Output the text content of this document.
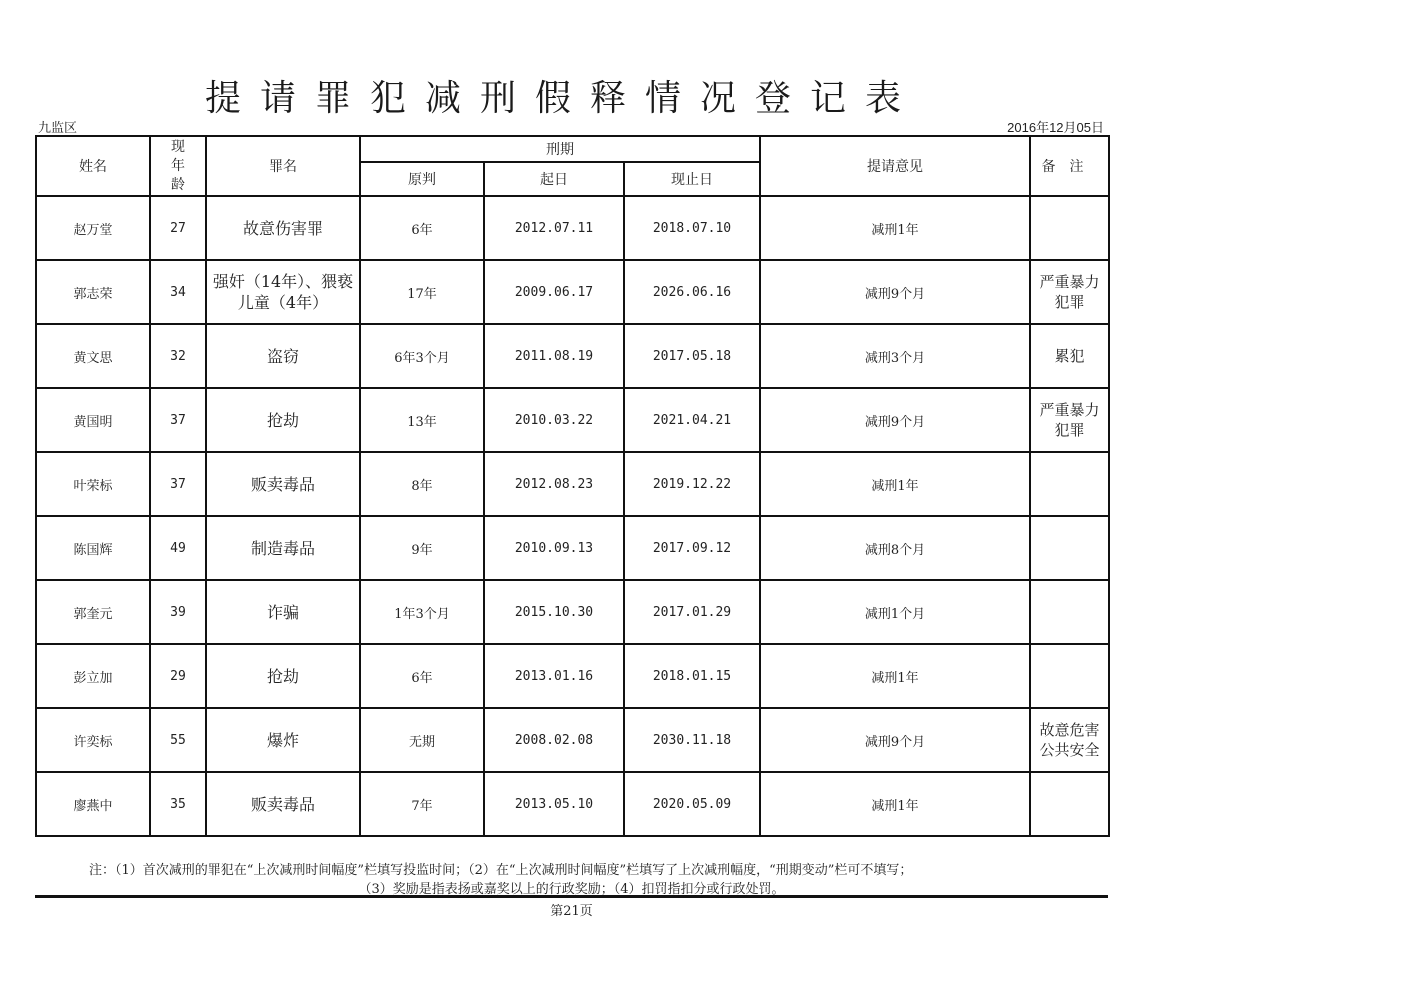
提请罪犯减刑假释情况登记表
九监区	2016年12月05日
姓名	现年龄	罪名	刑期			提请意见	备注
			原判	起日	现止日		
赵万堂	27	故意伤害罪	6年	2012.07.11	2018.07.10	减刑1年	
郭志荣	34	强奸（14年）、猥亵儿童（4年）	17年	2009.06.17	2026.06.16	减刑9个月	严重暴力犯罪
黄文思	32	盗窃	6年3个月	2011.08.19	2017.05.18	减刑3个月	累犯
黄国明	37	抢劫	13年	2010.03.22	2021.04.21	减刑9个月	严重暴力犯罪
叶荣标	37	贩卖毒品	8年	2012.08.23	2019.12.22	减刑1年	
陈国辉	49	制造毒品	9年	2010.09.13	2017.09.12	减刑8个月	
郭奎元	39	诈骗	1年3个月	2015.10.30	2017.01.29	减刑1个月	
彭立加	29	抢劫	6年	2013.01.16	2018.01.15	减刑1年	
许奕标	55	爆炸	无期	2008.02.08	2030.11.18	减刑9个月	故意危害公共安全
廖燕中	35	贩卖毒品	7年	2013.05.10	2020.05.09	减刑1年	
注：（1）首次减刑的罪犯在“上次减刑时间幅度”栏填写投监时间；（2）在“上次减刑时间幅度”栏填写了上次减刑幅度，“刑期变动”栏可不填写；
（3）奖励是指表扬或嘉奖以上的行政奖励；（4）扣罚指扣分或行政处罚。
第21页
